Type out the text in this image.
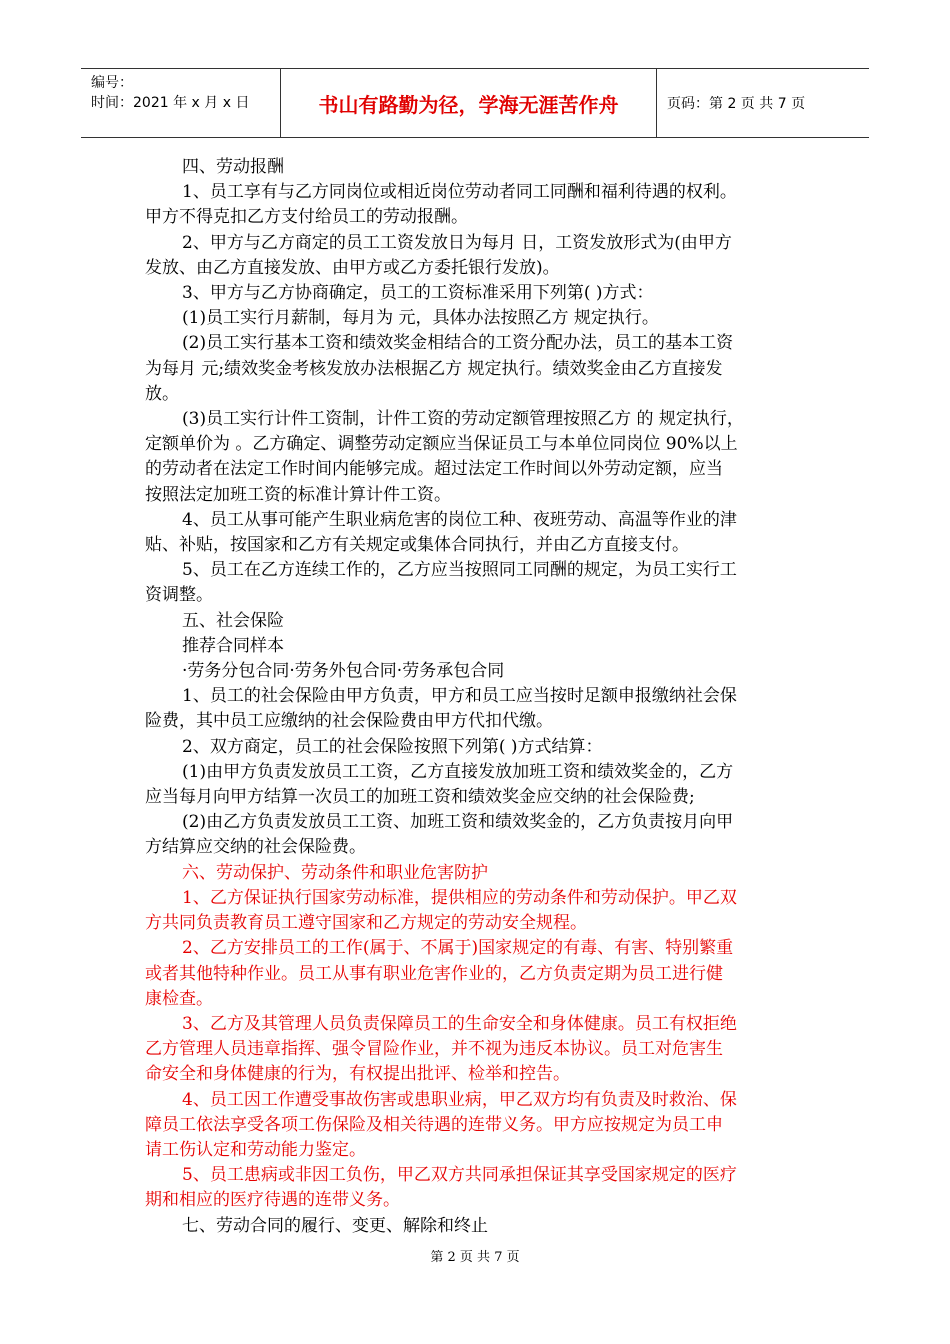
编号：
时间：2021 年 x 月 x 日	书山有路勤为径，学海无涯苦作舟	页码：第 2 页 共 7 页

四、劳动报酬

1、员工享有与乙方同岗位或相近岗位劳动者同工同酬和福利待遇的权利。

甲方不得克扣乙方支付给员工的劳动报酬。

2、甲方与乙方商定的员工工资发放日为每月 日，工资发放形式为(由甲方

发放、由乙方直接发放、由甲方或乙方委托银行发放)。

3、甲方与乙方协商确定，员工的工资标准采用下列第( )方式：

(1)员工实行月薪制，每月为 元，具体办法按照乙方 规定执行。

(2)员工实行基本工资和绩效奖金相结合的工资分配办法，员工的基本工资

为每月 元;绩效奖金考核发放办法根据乙方 规定执行。绩效奖金由乙方直接发

放。

(3)员工实行计件工资制，计件工资的劳动定额管理按照乙方 的 规定执行，

定额单价为 。乙方确定、调整劳动定额应当保证员工与本单位同岗位 90%以上

的劳动者在法定工作时间内能够完成。超过法定工作时间以外劳动定额，应当

按照法定加班工资的标准计算计件工资。

4、员工从事可能产生职业病危害的岗位工种、夜班劳动、高温等作业的津

贴、补贴，按国家和乙方有关规定或集体合同执行，并由乙方直接支付。

5、员工在乙方连续工作的，乙方应当按照同工同酬的规定，为员工实行工

资调整。

五、社会保险

推荐合同样本

·劳务分包合同·劳务外包合同·劳务承包合同

1、员工的社会保险由甲方负责，甲方和员工应当按时足额申报缴纳社会保

险费，其中员工应缴纳的社会保险费由甲方代扣代缴。

2、双方商定，员工的社会保险按照下列第( )方式结算：

(1)由甲方负责发放员工工资，乙方直接发放加班工资和绩效奖金的，乙方

应当每月向甲方结算一次员工的加班工资和绩效奖金应交纳的社会保险费;

(2)由乙方负责发放员工工资、加班工资和绩效奖金的，乙方负责按月向甲

方结算应交纳的社会保险费。

六、劳动保护、劳动条件和职业危害防护

1、乙方保证执行国家劳动标准，提供相应的劳动条件和劳动保护。甲乙双

方共同负责教育员工遵守国家和乙方规定的劳动安全规程。

2、乙方安排员工的工作(属于、不属于)国家规定的有毒、有害、特别繁重

或者其他特种作业。员工从事有职业危害作业的，乙方负责定期为员工进行健

康检查。

3、乙方及其管理人员负责保障员工的生命安全和身体健康。员工有权拒绝

乙方管理人员违章指挥、强令冒险作业，并不视为违反本协议。员工对危害生

命安全和身体健康的行为，有权提出批评、检举和控告。

4、员工因工作遭受事故伤害或患职业病，甲乙双方均有负责及时救治、保

障员工依法享受各项工伤保险及相关待遇的连带义务。甲方应按规定为员工申

请工伤认定和劳动能力鉴定。

5、员工患病或非因工负伤，甲乙双方共同承担保证其享受国家规定的医疗

期和相应的医疗待遇的连带义务。

七、劳动合同的履行、变更、解除和终止

第 2 页 共 7 页
